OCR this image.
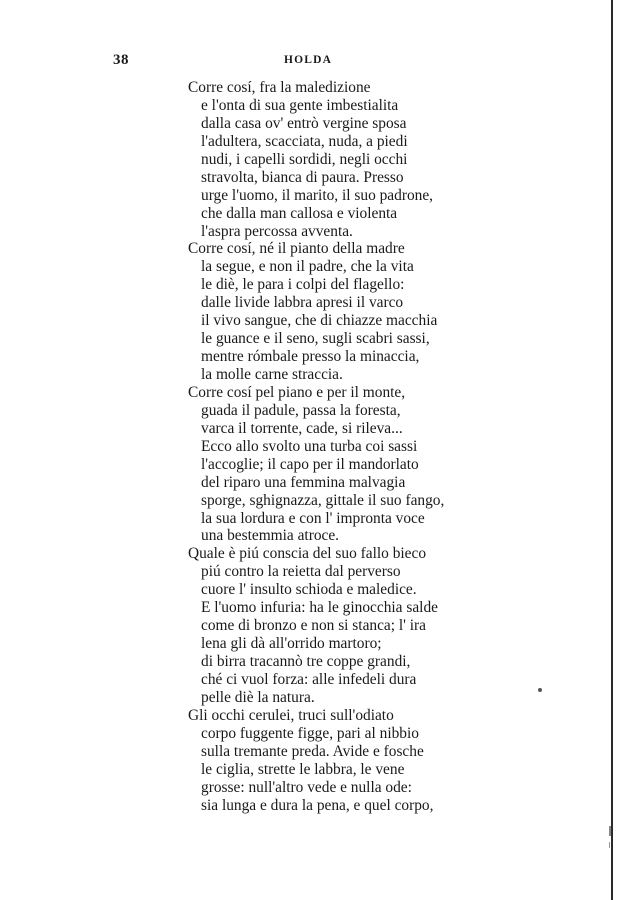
38	HOLDA
Corre cosí, fra la maledizione
e l'onta di sua gente imbestialita
dalla casa ov' entrò vergine sposa
l'adultera, scacciata, nuda, a piedi
nudi, i capelli sordidi, negli occhi
stravolta, bianca di paura. Presso
urge l'uomo, il marito, il suo padrone,
che dalla man callosa e violenta
l'aspra percossa avventa.
Corre cosí, né il pianto della madre
la segue, e non il padre, che la vita
le diè, le para i colpi del flagello:
dalle livide labbra apresi il varco
il vivo sangue, che di chiazze macchia
le guance e il seno, sugli scabri sassi,
mentre rómbale presso la minaccia,
la molle carne straccia.
Corre cosí pel piano e per il monte,
guada il padule, passa la foresta,
varca il torrente, cade, si rileva...
Ecco allo svolto una turba coi sassi
l'accoglie; il capo per il mandorlato
del riparo una femmina malvagia
sporge, sghignazza, gittale il suo fango,
la sua lordura e con l' impronta voce
una bestemmia atroce.
Quale è piú conscia del suo fallo bieco
piú contro la reietta dal perverso
cuore l' insulto schioda e maledice.
E l'uomo infuria: ha le ginocchia salde
come di bronzo e non si stanca; l' ira
lena gli dà all'orrido martoro;
di birra tracannò tre coppe grandi,
ché ci vuol forza: alle infedeli dura
pelle diè la natura.
Gli occhi cerulei, truci sull'odiato
corpo fuggente figge, pari al nibbio
sulla tremante preda. Avide e fosche
le ciglia, strette le labbra, le vene
grosse: null'altro vede e nulla ode:
sia lunga e dura la pena, e quel corpo,
